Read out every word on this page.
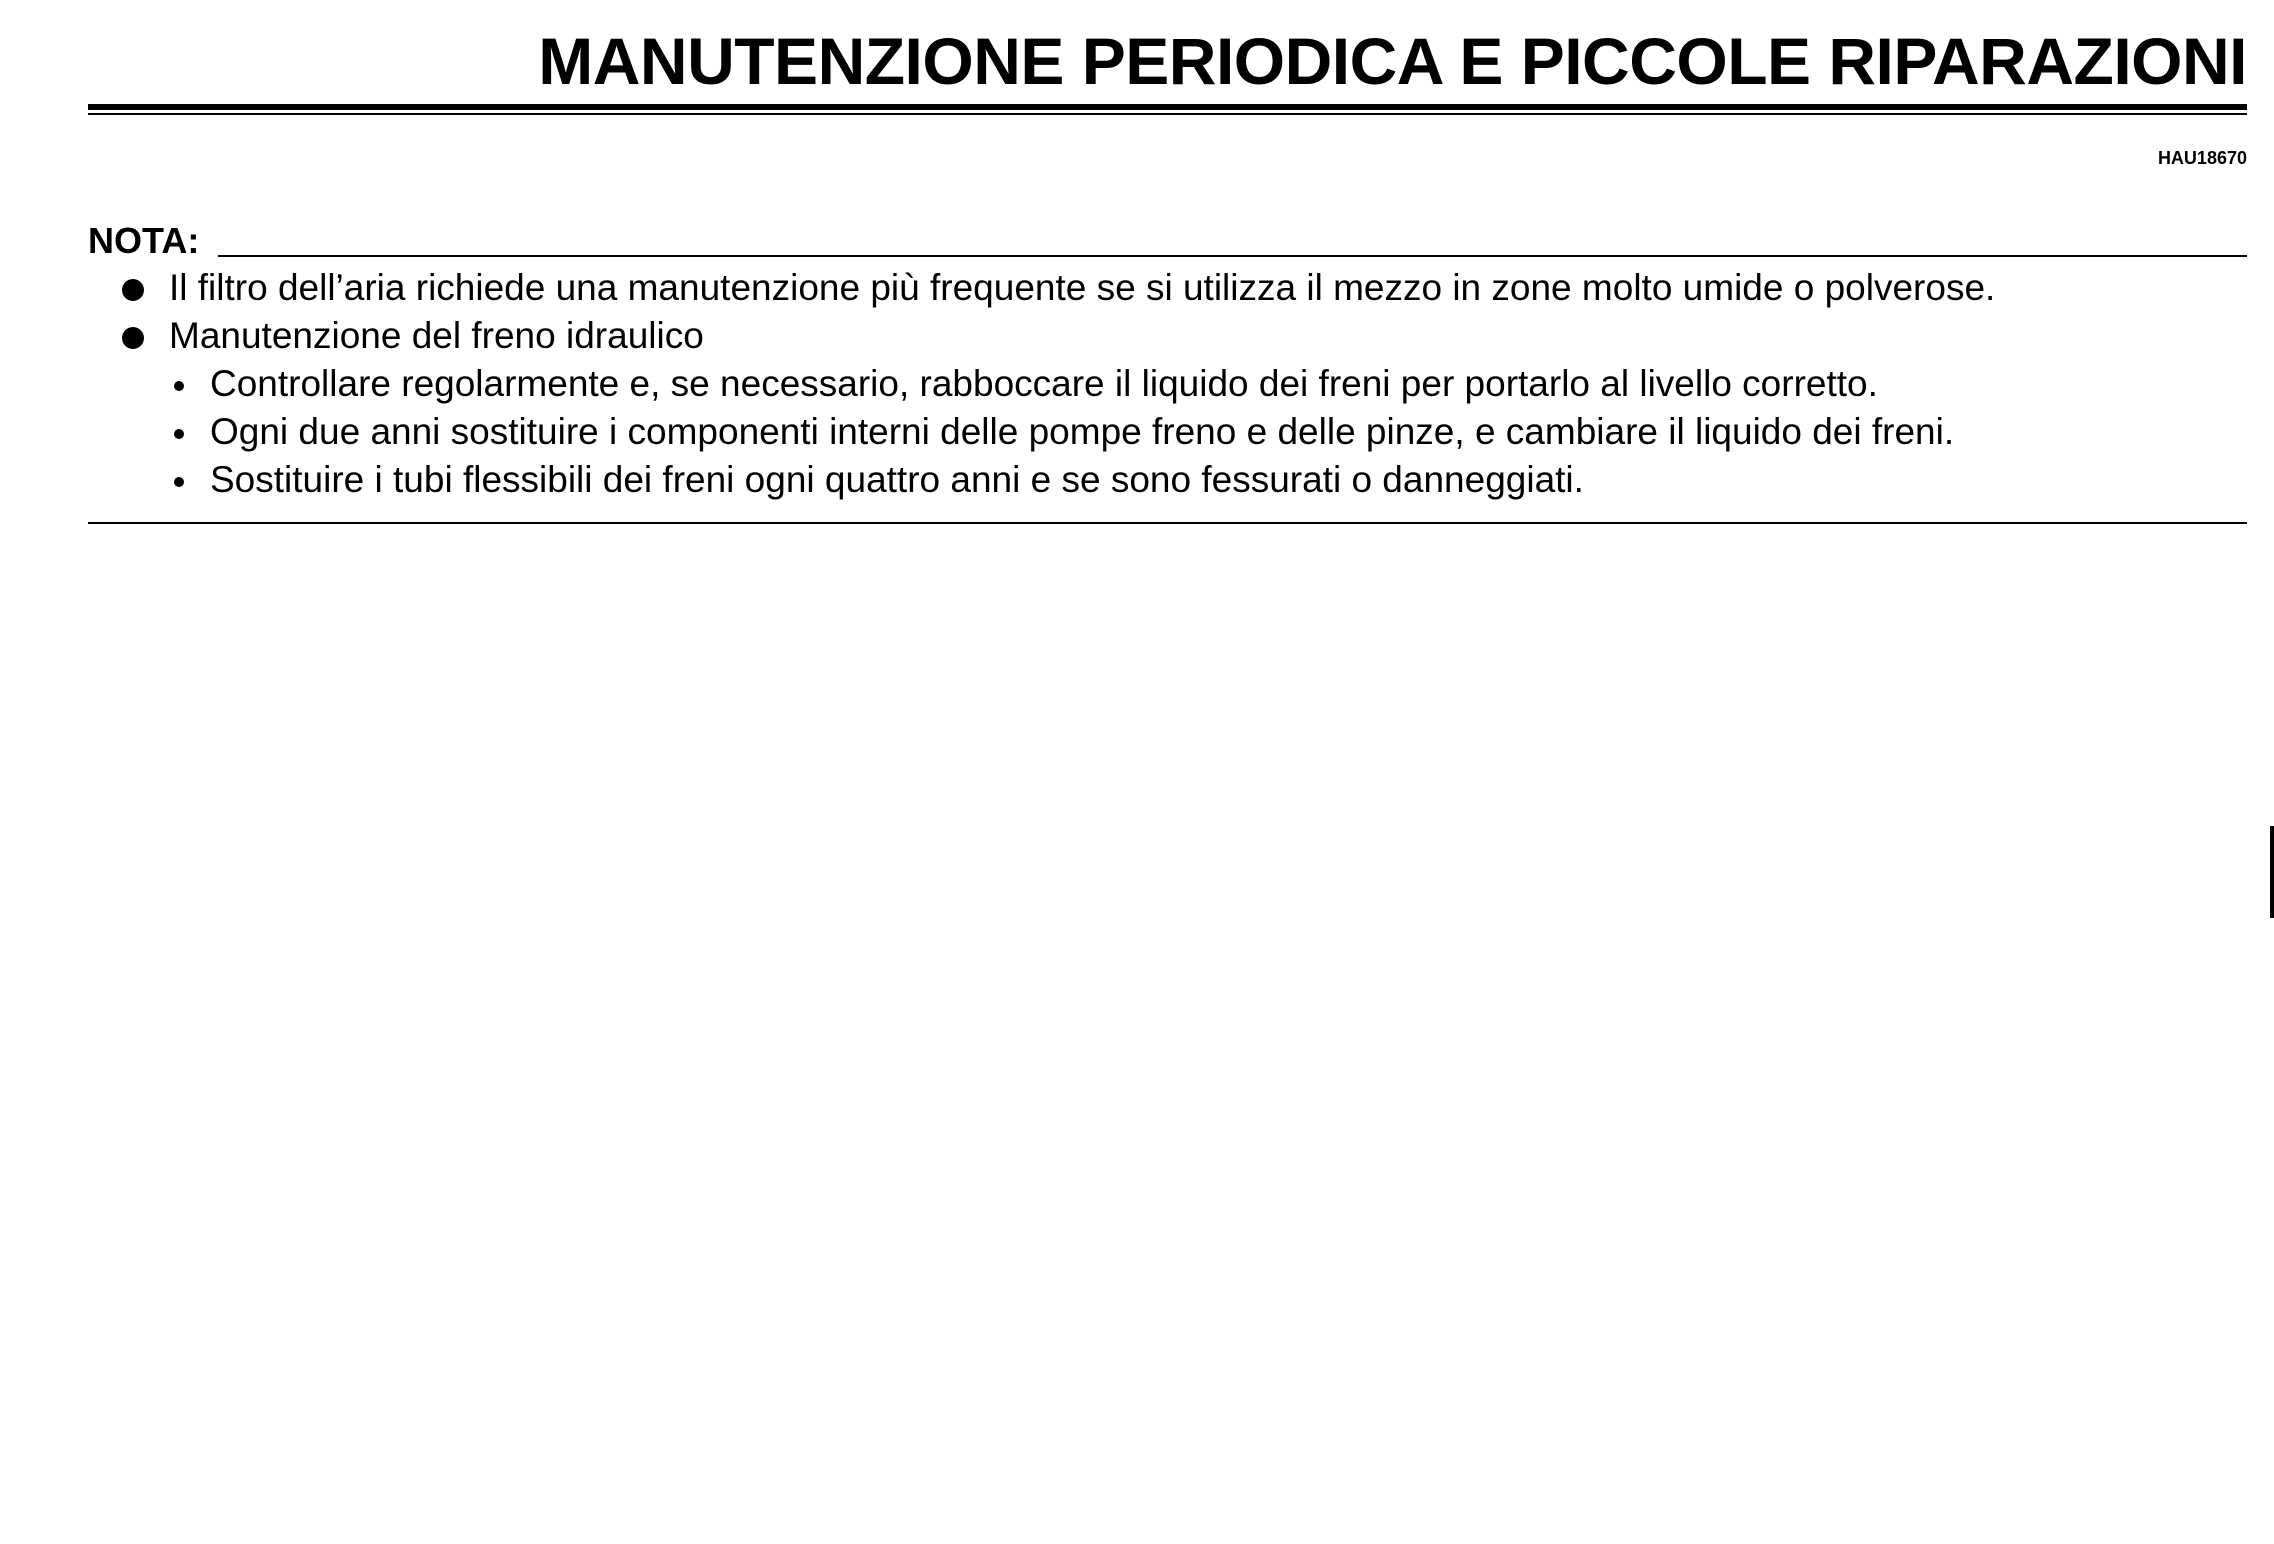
MANUTENZIONE PERIODICA E PICCOLE RIPARAZIONI
HAU18670
NOTA:
Il filtro dell’aria richiede una manutenzione più frequente se si utilizza il mezzo in zone molto umide o polverose.
Manutenzione del freno idraulico
Controllare regolarmente e, se necessario, rabboccare il liquido dei freni per portarlo al livello corretto.
Ogni due anni sostituire i componenti interni delle pompe freno e delle pinze, e cambiare il liquido dei freni.
Sostituire i tubi flessibili dei freni ogni quattro anni e se sono fessurati o danneggiati.
